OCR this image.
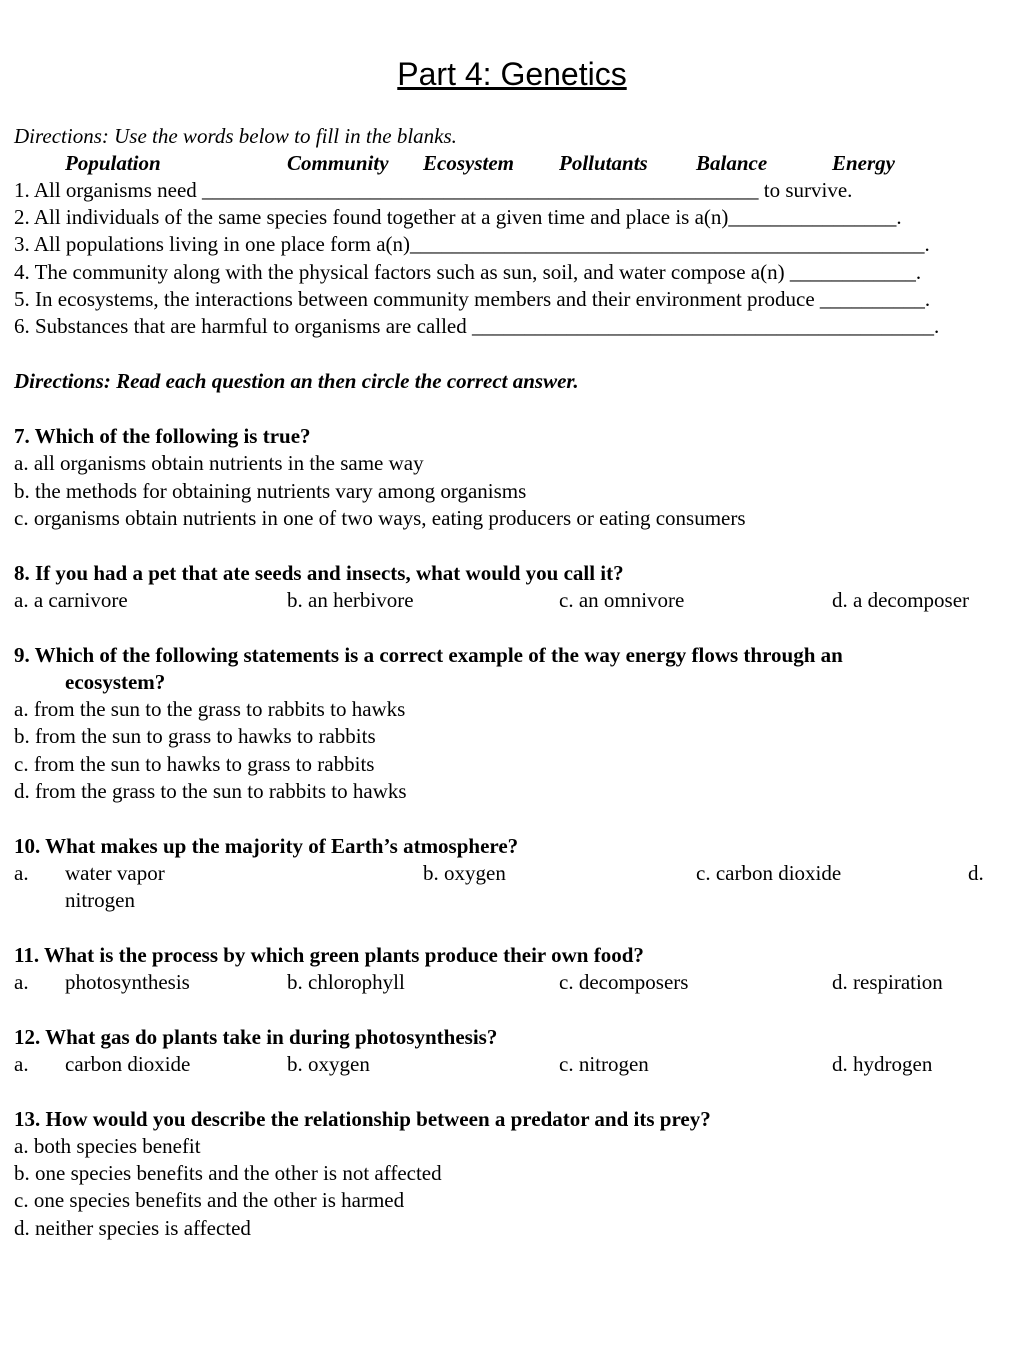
Part 4: Genetics
Directions: Use the words below to fill in the blanks.
Population	Community Ecosystem Pollutants Balance	Energy
1. All organisms need _____________________________________________________ to survive.
2. All individuals of the same species found together at a given time and place is a(n)________________.
3. All populations living in one place form a(n)_________________________________________________.
4. The community along with the physical factors such as sun, soil, and water compose a(n) ____________.
5. In ecosystems, the interactions between community members and their environment produce __________.
6. Substances that are harmful to organisms are called ____________________________________________.
Directions: Read each question an then circle the correct answer.
7. Which of the following is true?
a. all organisms obtain nutrients in the same way
b. the methods for obtaining nutrients vary among organisms
c. organisms obtain nutrients in one of two ways, eating producers or eating consumers
8. If you had a pet that ate seeds and insects, what would you call it?
a. a carnivore	b. an herbivore	c. an omnivore	d. a decomposer
9. Which of the following statements is a correct example of the way energy flows through an
ecosystem?
a. from the sun to the grass to rabbits to hawks
b. from the sun to grass to hawks to rabbits
c. from the sun to hawks to grass to rabbits
d. from the grass to the sun to rabbits to hawks
10. What makes up the majority of Earth’s atmosphere?
a. water vapor	b. oxygen	c. carbon dioxide	d.
nitrogen
11. What is the process by which green plants produce their own food?
a. photosynthesis	b. chlorophyll	c. decomposers	d. respiration
12. What gas do plants take in during photosynthesis?
a. carbon dioxide	b. oxygen	c. nitrogen	d. hydrogen
13. How would you describe the relationship between a predator and its prey?
a. both species benefit
b. one species benefits and the other is not affected
c. one species benefits and the other is harmed
d. neither species is affected
